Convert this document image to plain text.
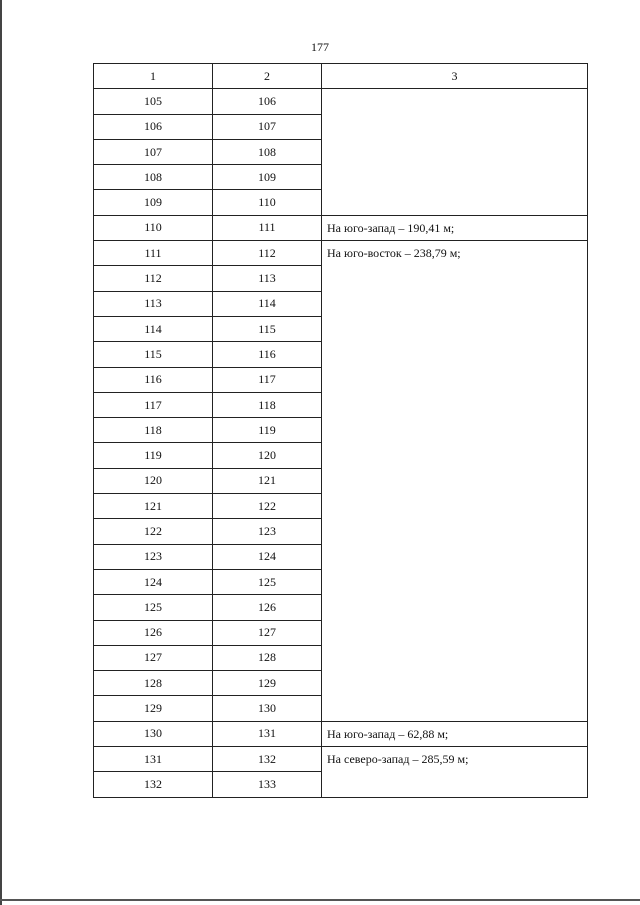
177
1	2	3
105	106	
106	107	
107	108	
108	109	
109	110	
110	111	На юго-запад – 190,41 м;
111	112	На юго-восток – 238,79 м;
112	113	
113	114	
114	115	
115	116	
116	117	
117	118	
118	119	
119	120	
120	121	
121	122	
122	123	
123	124	
124	125	
125	126	
126	127	
127	128	
128	129	
129	130	
130	131	На юго-запад – 62,88 м;
131	132	На северо-запад – 285,59 м;
132	133	
